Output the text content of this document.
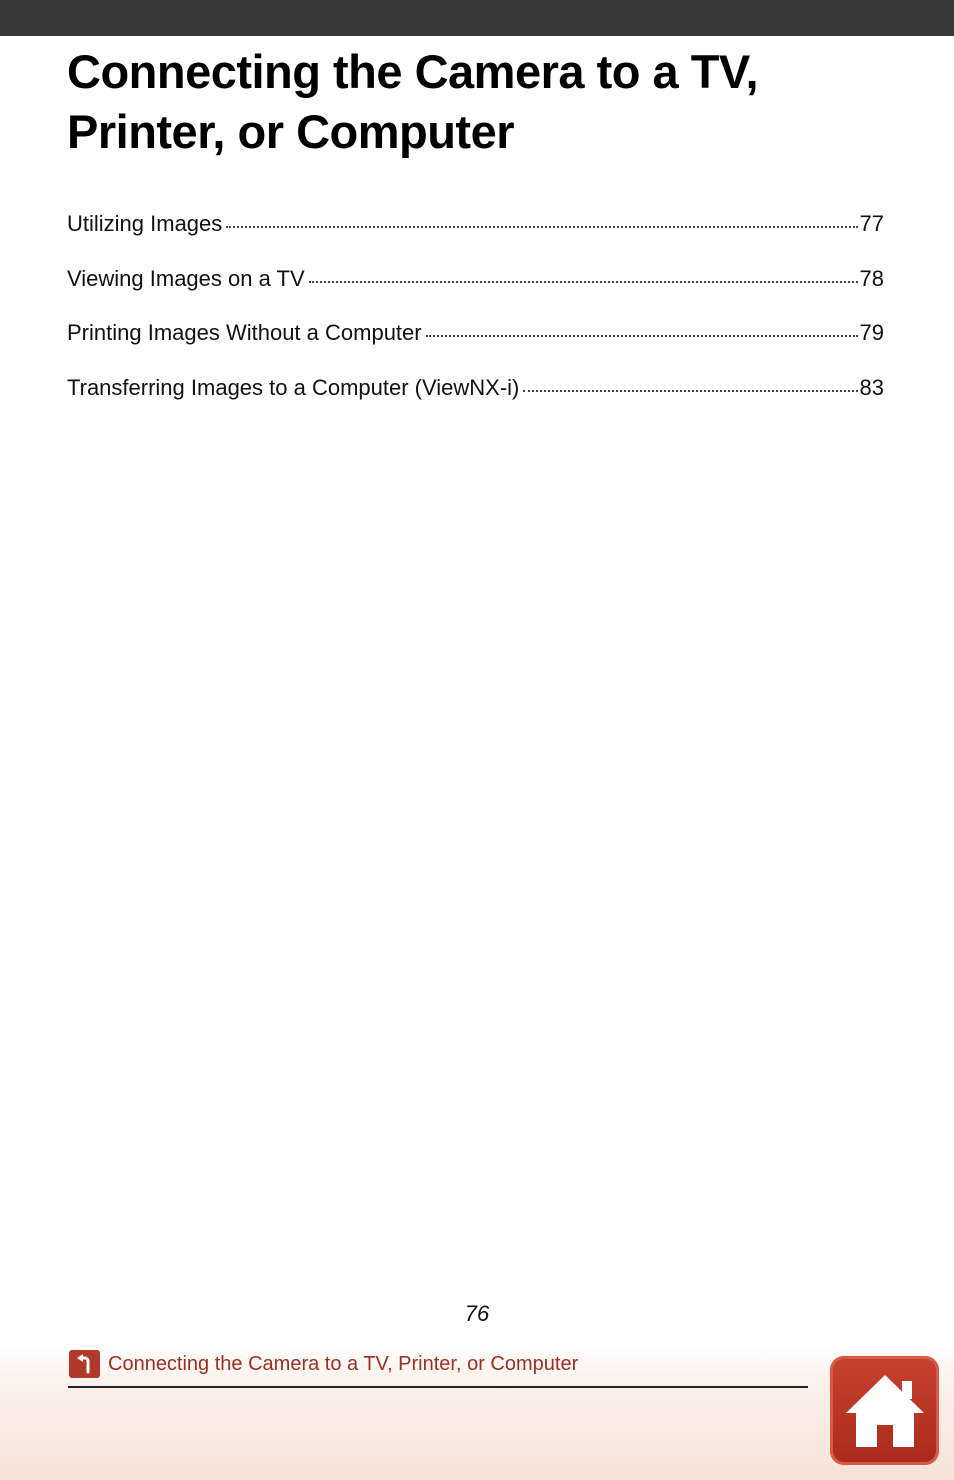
Connecting the Camera to a TV, Printer, or Computer
Utilizing Images	77
Viewing Images on a TV	78
Printing Images Without a Computer	79
Transferring Images to a Computer (ViewNX-i)	83
76
Connecting the Camera to a TV, Printer, or Computer
